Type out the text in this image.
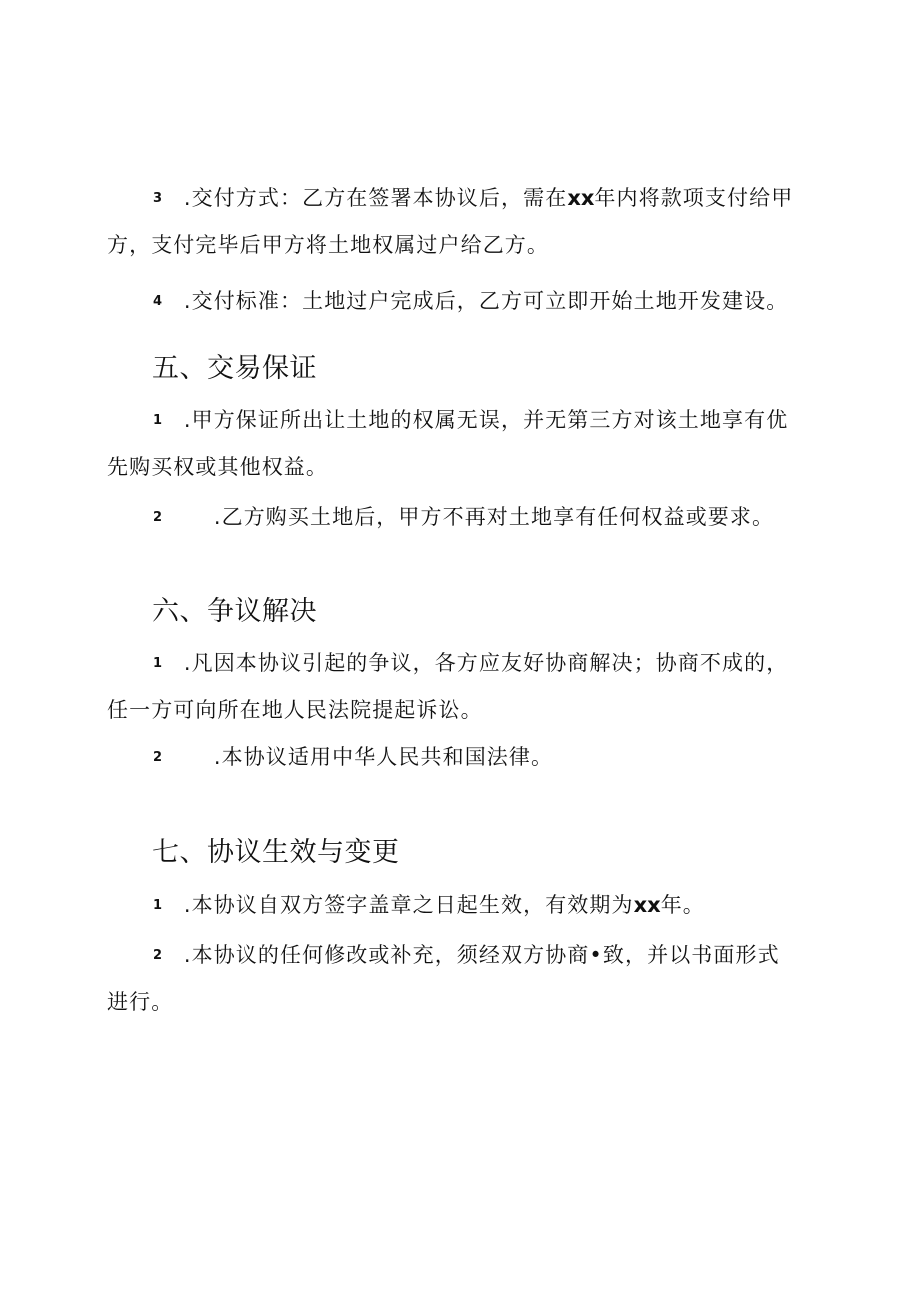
3 .交付方式：乙方在签署本协议后，需在xx年内将款项支付给甲
方，支付完毕后甲方将土地权属过户给乙方。
4 .交付标准：土地过户完成后，乙方可立即开始土地开发建设。
五、交易保证
1 .甲方保证所出让土地的权属无误，并无第三方对该土地享有优
先购买权或其他权益。
2 .乙方购买土地后，甲方不再对土地享有任何权益或要求。
六、争议解决
1 .凡因本协议引起的争议，各方应友好协商解决；协商不成的，
任一方可向所在地人民法院提起诉讼。
2 .本协议适用中华人民共和国法律。
七、协议生效与变更
1 .本协议自双方签字盖章之日起生效，有效期为xx年。
2 .本协议的任何修改或补充，须经双方协商•致，并以书面形式
进行。
